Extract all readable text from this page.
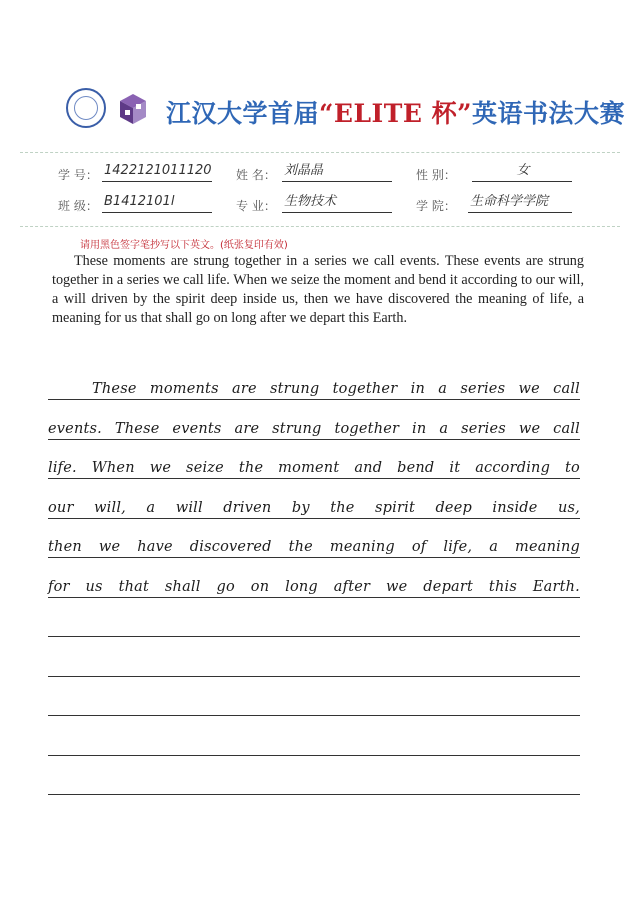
江汉大学首届“ELITE 杯”英语书法大赛
学 号： 1422121011120 姓 名： 刘晶晶	性 别：	女
班 级： B1412101l	专 业： 生物技术	学 院： 生命科学学院
请用黑色签字笔抄写以下英文。(纸张复印有效)
These moments are strung together in a series we call events. These events are strung together in a series we call life. When we seize the moment and bend it according to our will, a will driven by the spirit deep inside us, then we have discovered the meaning of life, a meaning for us that shall go on long after we depart this Earth.
These moments are strung together in a series we call
events. These events are strung together in a series we call
life. When we seize the moment and bend it according to
our will, a will driven by the spirit deep inside us,
then we have discovered the meaning of life, a meaning
for us that shall go on long after we depart this Earth.
